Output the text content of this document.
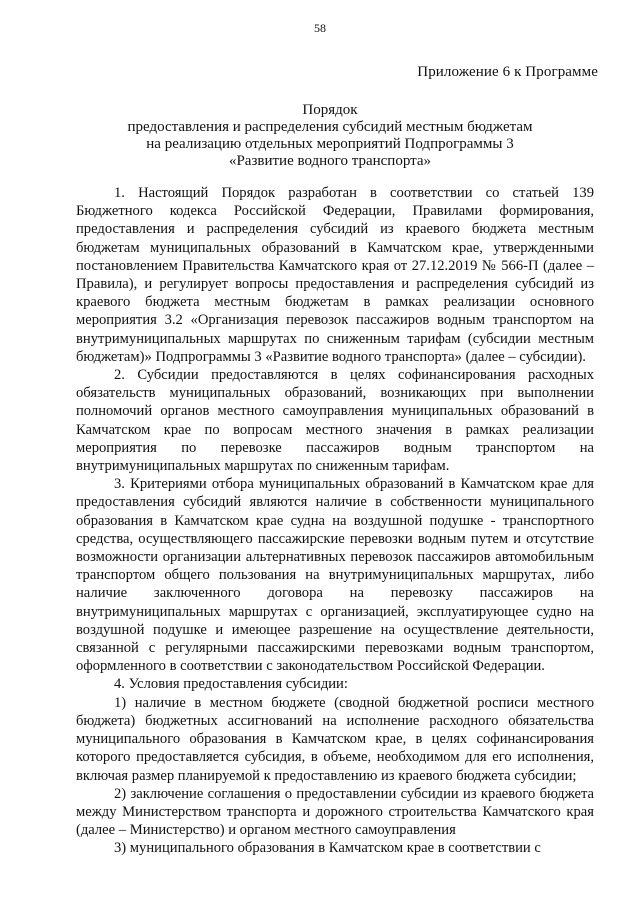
58
Приложение 6 к Программе
Порядок
предоставления и распределения субсидий местным бюджетам
на реализацию отдельных мероприятий Подпрограммы 3
«Развитие водного транспорта»

1. Настоящий Порядок разработан в соответствии со статьей 139 Бюджетного кодекса Российской Федерации, Правилами формирования, предоставления и распределения субсидий из краевого бюджета местным бюджетам муниципальных образований в Камчатском крае, утвержденными постановлением Правительства Камчатского края от 27.12.2019 № 566-П (далее – Правила), и регулирует вопросы предоставления и распределения субсидий из краевого бюджета местным бюджетам в рамках реализации основного мероприятия 3.2 «Организация перевозок пассажиров водным транспортом на внутримуниципальных маршрутах по сниженным тарифам (субсидии местным бюджетам)» Подпрограммы 3 «Развитие водного транспорта» (далее – субсидии).

2. Субсидии предоставляются в целях софинансирования расходных обязательств муниципальных образований, возникающих при выполнении полномочий органов местного самоуправления муниципальных образований в Камчатском крае по вопросам местного значения в рамках реализации мероприятия по перевозке пассажиров водным транспортом на внутримуниципальных маршрутах по сниженным тарифам.

3. Критериями отбора муниципальных образований в Камчатском крае для предоставления субсидий являются наличие в собственности муниципального образования в Камчатском крае судна на воздушной подушке - транспортного средства, осуществляющего пассажирские перевозки водным путем и отсутствие возможности организации альтернативных перевозок пассажиров автомобильным транспортом общего пользования на внутримуниципальных маршрутах, либо наличие заключенного договора на перевозку пассажиров на внутримуниципальных маршрутах с организацией, эксплуатирующее судно на воздушной подушке и имеющее разрешение на осуществление деятельности, связанной с регулярными пассажирскими перевозками водным транспортом, оформленного в соответствии с законодательством Российской Федерации.

4. Условия предоставления субсидии:

1) наличие в местном бюджете (сводной бюджетной росписи местного бюджета) бюджетных ассигнований на исполнение расходного обязательства муниципального образования в Камчатском крае, в целях софинансирования которого предоставляется субсидия, в объеме, необходимом для его исполнения, включая размер планируемой к предоставлению из краевого бюджета субсидии;

2) заключение соглашения о предоставлении субсидии из краевого бюджета между Министерством транспорта и дорожного строительства Камчатского края (далее – Министерство) и органом местного самоуправления

3) муниципального образования в Камчатском крае в соответствии с
